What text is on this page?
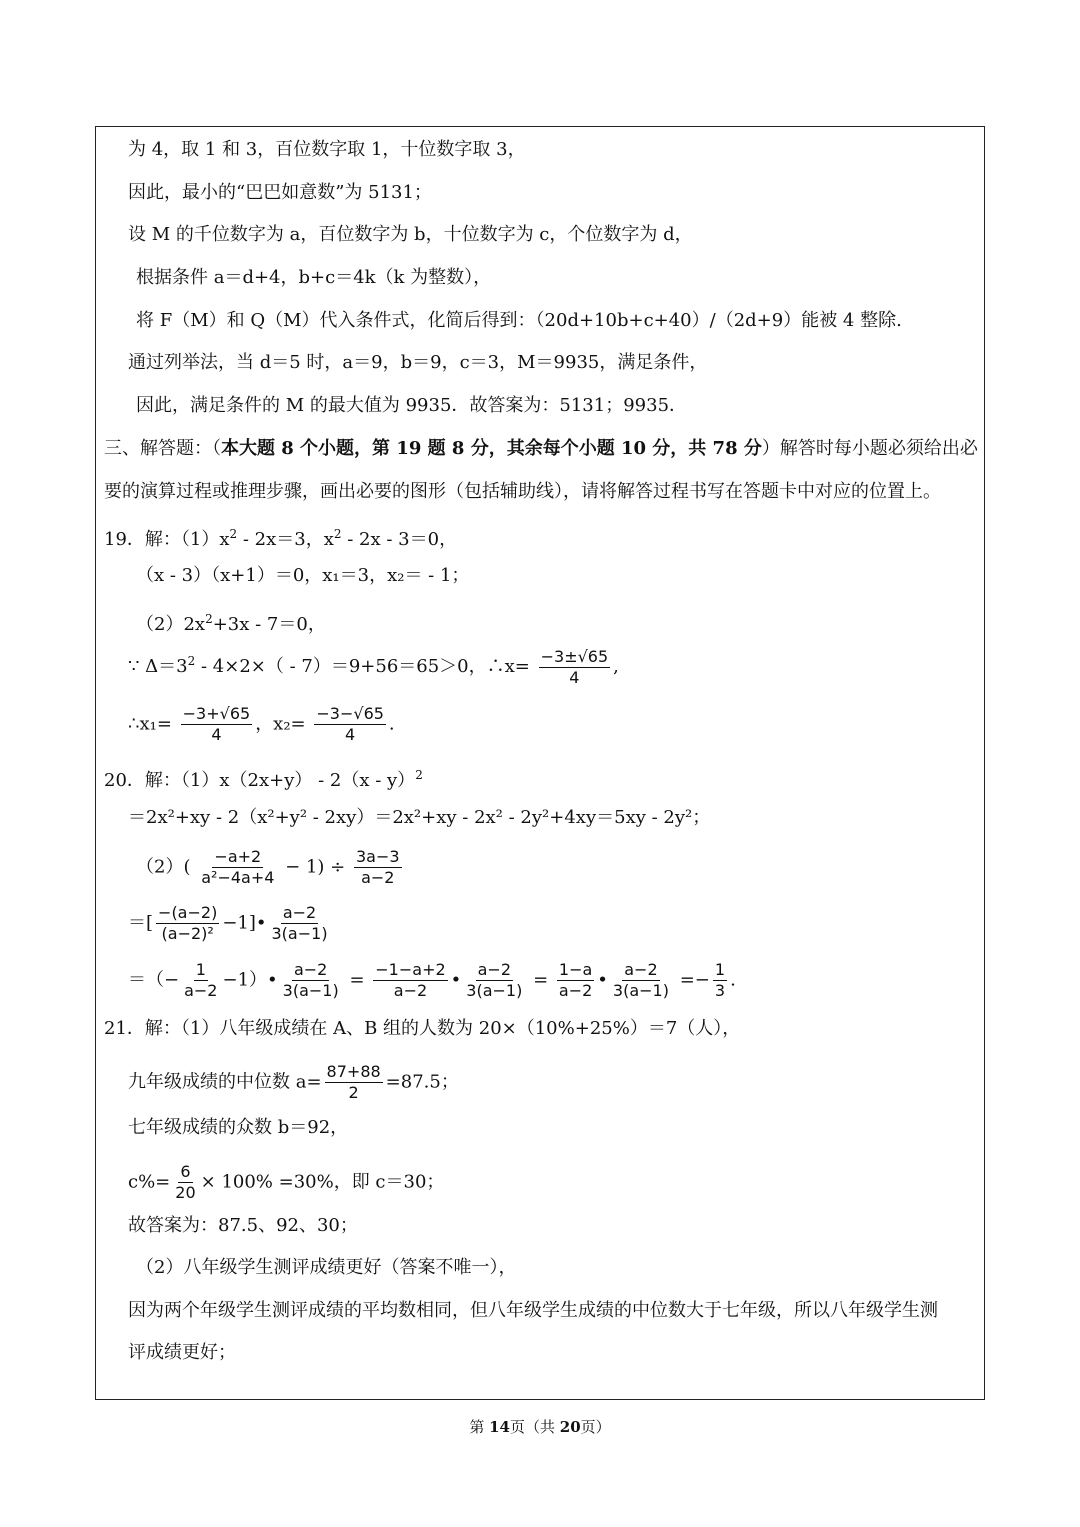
为 4，取 1 和 3，百位数字取 1，十位数字取 3，
因此，最小的“巴巴如意数”为 5131；
设 M 的千位数字为 a，百位数字为 b，十位数字为 c，个位数字为 d，
根据条件 a＝d+4，b+c＝4k（k 为整数），
将 F（M）和 Q（M）代入条件式，化简后得到：（20d+10b+c+40）/（2d+9）能被 4 整除.
通过列举法，当 d＝5 时，a＝9，b＝9，c＝3，M＝9935，满足条件，
因此，满足条件的 M 的最大值为 9935．故答案为：5131；9935．
三、解答题：（本大题 8 个小题，第 19 题 8 分，其余每个小题 10 分，共 78 分）解答时每小题必须给出必
要的演算过程或推理步骤，画出必要的图形（包括辅助线），请将解答过程书写在答题卡中对应的位置上。
19．解：$(1)x^2 - 2x=3$，$x^2 - 2x - 3=0$，
（x - 3）（x+1）＝0，x₁＝3，x₂＝ - 1；
$(2)2x^2+3x - 7=0$，
∵ $\Delta=3^2 - 4\times 2\times( - 7)=9+56=65>0$，∴x= $\frac{-3\pm√65}{4}$ ,
∴x₁= $\frac{-3+√65}{4}$ ，$x_2= \frac{-3-√65}{4}$ .
20．解：（1）x（2x+y） - 2（x - y）$^2$
＝2x²+xy - 2（x²+y² - 2xy）＝2x²+xy - 2x² - 2y²+4xy＝5xy - 2y²；
$(2)( \frac{-a+2}{\text{a²−4a+4}} - 1) \div \frac{3a-3}{a-2}$
＝[ $\frac{-(a-2)}{\text{(a−2)²}}$ −1]• $\frac{a-2}{3(a-1)}$
＝（− $\frac{1}{a-2}$ −1）• $\frac{a-2}{3(a-1)} = \frac{-1-a+2}{a-2}$ • $\frac{a-2}{3(a-1)} = \frac{1-a}{a-2}$ • $\frac{a-2}{3(a-1)} =- \frac{1}{3}$ .
21．解：（1）八年级成绩在 A、B 组的人数为 20×（10%+25%）＝7（人），
九年级成绩的中位数 $a= \frac{87+88}{2} =87.5$；
七年级成绩的众数 b＝92，
$c\%= \frac{6}{20} \times 100\% =30\%$，即 c＝30；
故答案为：87.5、92、30；
（2）八年级学生测评成绩更好（答案不唯一），
因为两个年级学生测评成绩的平均数相同，但八年级学生成绩的中位数大于七年级，所以八年级学生测
评成绩更好；
第 14页（共 20页）
